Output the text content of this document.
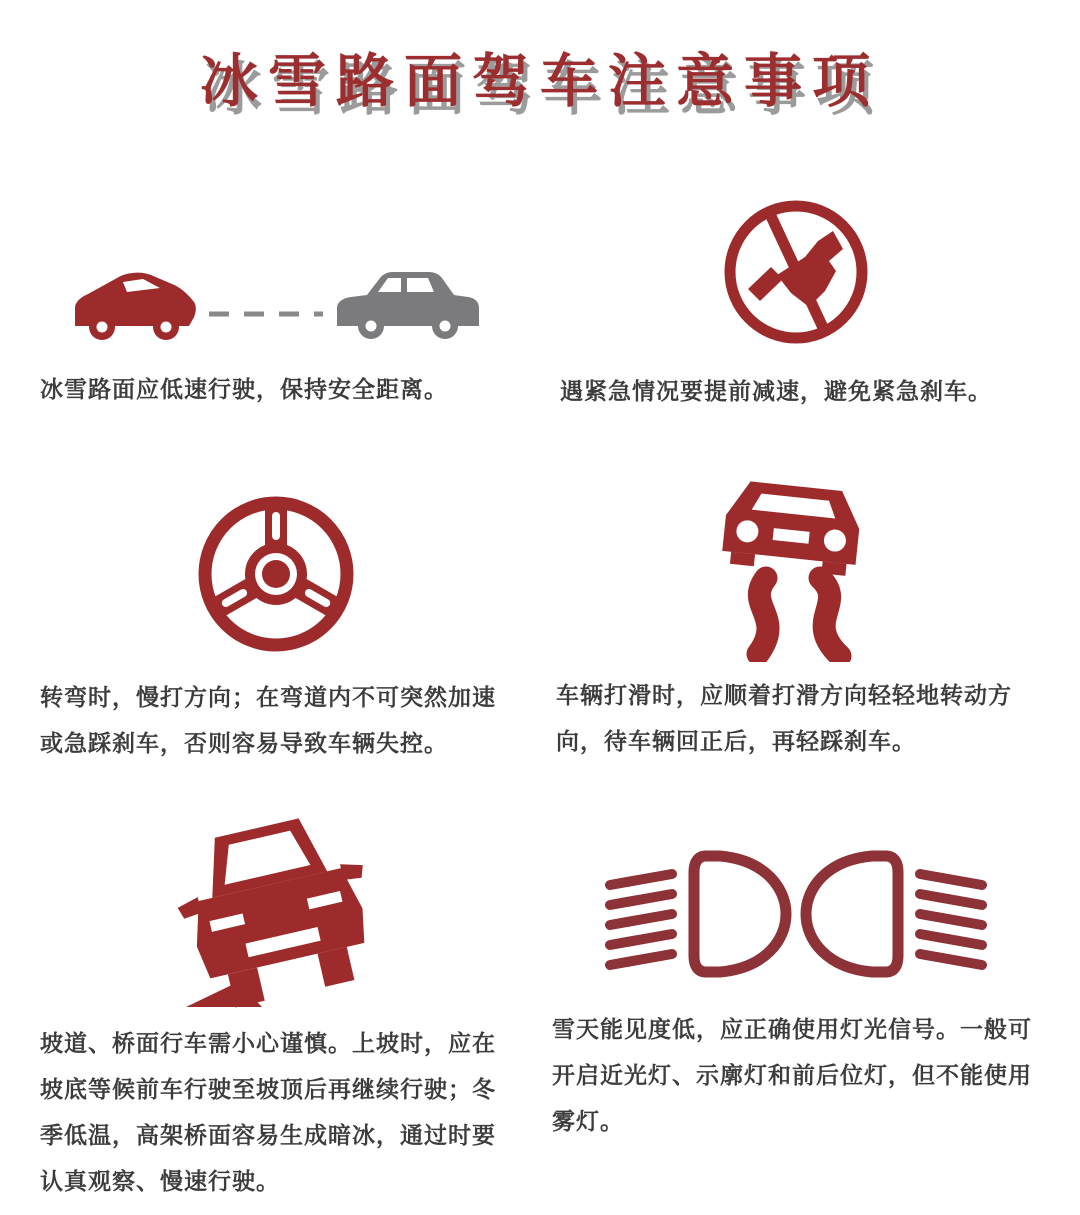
冰雪路面驾车注意事项

冰雪路面应低速行驶，保持安全距离。	遇紧急情况要提前减速，避免紧急刹车。

转弯时，慢打方向；在弯道内不可突然加速或急踩刹车，否则容易导致车辆失控。

车辆打滑时，应顺着打滑方向轻轻地转动方向，待车辆回正后，再轻踩刹车。

坡道、桥面行车需小心谨慎。上坡时，应在坡底等候前车行驶至坡顶后再继续行驶；冬季低温，高架桥面容易生成暗冰，通过时要认真观察、慢速行驶。

雪天能见度低，应正确使用灯光信号。一般可开启近光灯、示廓灯和前后位灯，但不能使用雾灯。
